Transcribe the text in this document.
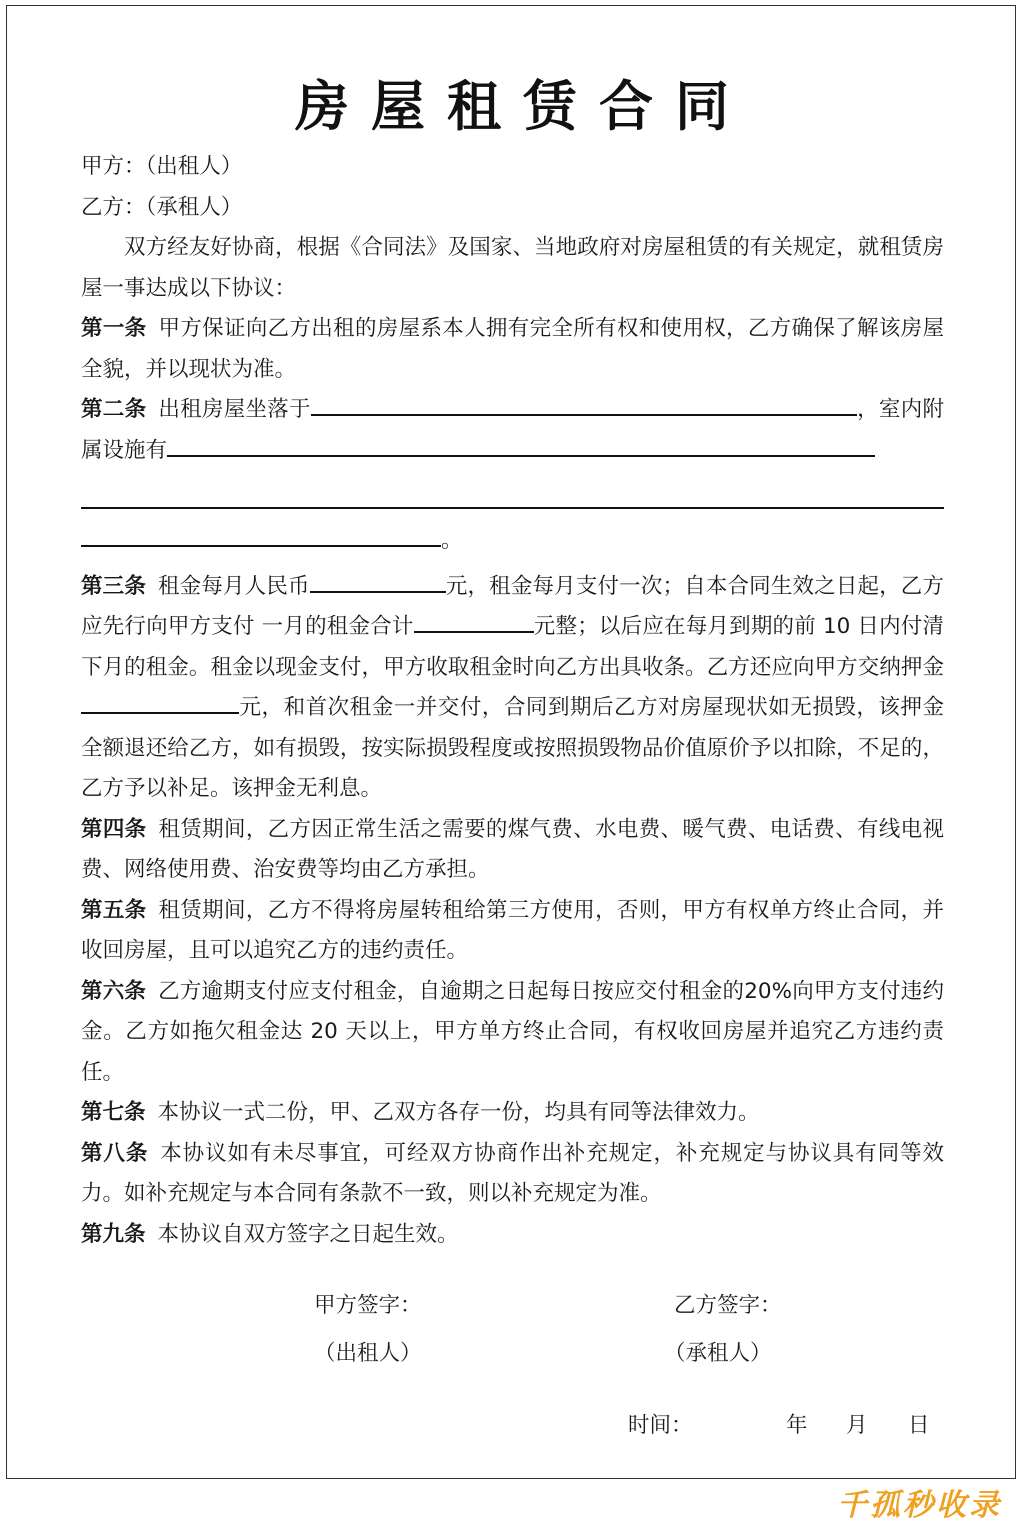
房屋租赁合同

甲方：（出租人）

乙方：（承租人）

双方经友好协商，根据《合同法》及国家、当地政府对房屋租赁的有关规定，就租赁房屋一事达成以下协议：

第一条 甲方保证向乙方出租的房屋系本人拥有完全所有权和使用权，乙方确保了解该房屋全貌，并以现状为准。

第二条 出租房屋坐落于	，室内附属设施有

。

第三条 租金每月人民币	元，租金每月支付一次；自本合同生效之日起，乙方应先行向甲方支付 一月的租金合计	元整；以后应在每月到期的前 10 日内付清下月的租金。租金以现金支付，甲方收取租金时向乙方出具收条。乙方还应向甲方交纳押金元，和首次租金一并交付，合同到期后乙方对房屋现状如无损毁，该押金全额退还给乙方，如有损毁，按实际损毁程度或按照损毁物品价值原价予以扣除，不足的，乙方予以补足。该押金无利息。

第四条 租赁期间，乙方因正常生活之需要的煤气费、水电费、暖气费、电话费、有线电视费、网络使用费、治安费等均由乙方承担。

第五条 租赁期间，乙方不得将房屋转租给第三方使用，否则，甲方有权单方终止合同，并收回房屋，且可以追究乙方的违约责任。

第六条 乙方逾期支付应支付租金，自逾期之日起每日按应交付租金的20%向甲方支付违约金。乙方如拖欠租金达 20 天以上，甲方单方终止合同，有权收回房屋并追究乙方违约责任。

第七条 本协议一式二份，甲、乙双方各存一份，均具有同等法律效力。

第八条 本协议如有未尽事宜，可经双方协商作出补充规定，补充规定与协议具有同等效力。如补充规定与本合同有条款不一致，则以补充规定为准。

第九条 本协议自双方签字之日起生效。

甲方签字：	乙方签字：
（出租人）	（承租人）
时间：	年 月 日
千孤秒收录
